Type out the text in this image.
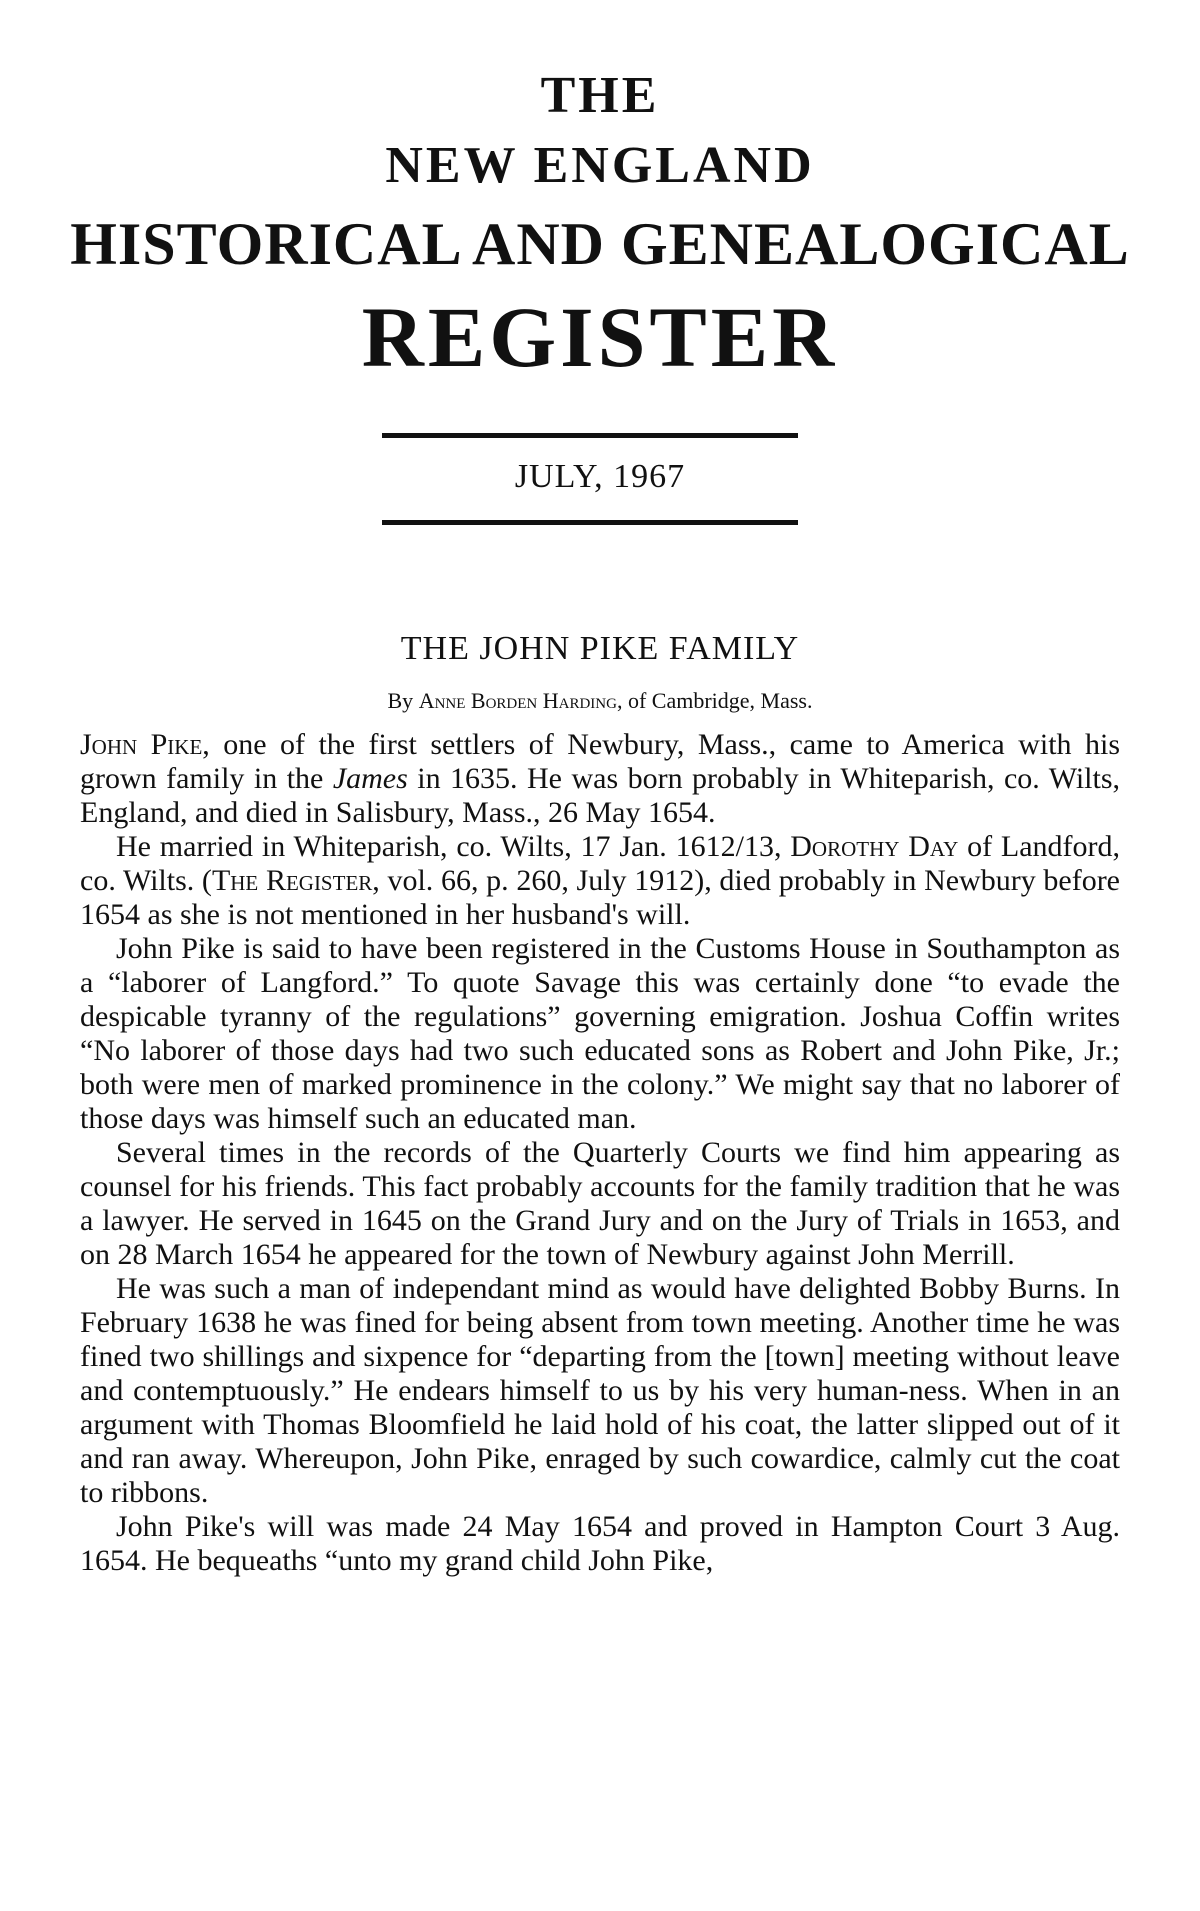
THE
NEW ENGLAND
HISTORICAL AND GENEALOGICAL
REGISTER
JULY, 1967
THE JOHN PIKE FAMILY
By Anne Borden Harding, of Cambridge, Mass.

John Pike, one of the first settlers of Newbury, Mass., came to America with his grown family in the James in 1635. He was born probably in Whiteparish, co. Wilts, England, and died in Salisbury, Mass., 26 May 1654.

He married in Whiteparish, co. Wilts, 17 Jan. 1612/13, Dorothy Day of Landford, co. Wilts. (The Register, vol. 66, p. 260, July 1912), died probably in Newbury before 1654 as she is not mentioned in her husband's will.

John Pike is said to have been registered in the Customs House in Southampton as a “laborer of Langford.” To quote Savage this was certainly done “to evade the despicable tyranny of the regulations” governing emigration. Joshua Coffin writes “No laborer of those days had two such educated sons as Robert and John Pike, Jr.; both were men of marked prominence in the colony.” We might say that no laborer of those days was himself such an educated man.

Several times in the records of the Quarterly Courts we find him appearing as counsel for his friends. This fact probably accounts for the family tradition that he was a lawyer. He served in 1645 on the Grand Jury and on the Jury of Trials in 1653, and on 28 March 1654 he appeared for the town of Newbury against John Merrill.

He was such a man of independant mind as would have delighted Bobby Burns. In February 1638 he was fined for being absent from town meeting. Another time he was fined two shillings and sixpence for “departing from the [town] meeting without leave and contemptuously.” He endears himself to us by his very human-ness. When in an argument with Thomas Bloomfield he laid hold of his coat, the latter slipped out of it and ran away. Whereupon, John Pike, enraged by such cowardice, calmly cut the coat to ribbons.

John Pike's will was made 24 May 1654 and proved in Hampton Court 3 Aug. 1654. He bequeaths “unto my grand child John Pike,
